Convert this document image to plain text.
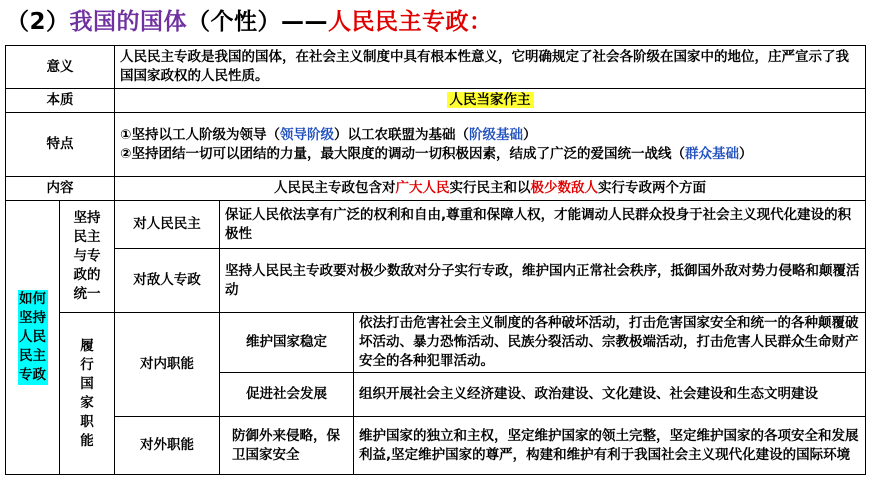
（2）我国的国体（个性）——人民民主专政：
意义		人民民主专政是我国的国体，在社会主义制度中具有根本性意义，它明确规定了社会各阶级在国家中的地位，庄严宣示了我国国家政权的人民性质。		
本质		人民当家作主		
特点		①坚持以工人阶级为领导（领导阶级）以工农联盟为基础（阶级基础）
②坚持团结一切可以团结的力量，最大限度的调动一切积极因素，结成了广泛的爱国统一战线（群众基础）		

内容		人民民主专政包含对广大人民实行民主和以极少数敌人实行专政两个方面		
如何坚持人民民主专政	坚持民主与专政的统一	对人民民主	保证人民依法享有广泛的权利和自由,尊重和保障人权，才能调动人民群众投身于社会主义现代化建设的积极性	
		对敌人专政	坚持人民民主专政要对极少数敌对分子实行专政，维护国内正常社会秩序，抵御国外敌对势力侵略和颠覆活动	
	履行国家职能	对内职能	维护国家稳定	依法打击危害社会主义制度的各种破坏活动，打击危害国家安全和统一的各种颠覆破坏活动、暴力恐怖活动、民族分裂活动、宗教极端活动，打击危害人民群众生命财产安全的各种犯罪活动。
			促进社会发展	组织开展社会主义经济建设、政治建设、文化建设、社会建设和生态文明建设
		对外职能	防御外来侵略，保卫国家安全	维护国家的独立和主权，坚定维护国家的领土完整，坚定维护国家的各项安全和发展利益,坚定维护国家的尊严，构建和维护有利于我国社会主义现代化建设的国际环境
